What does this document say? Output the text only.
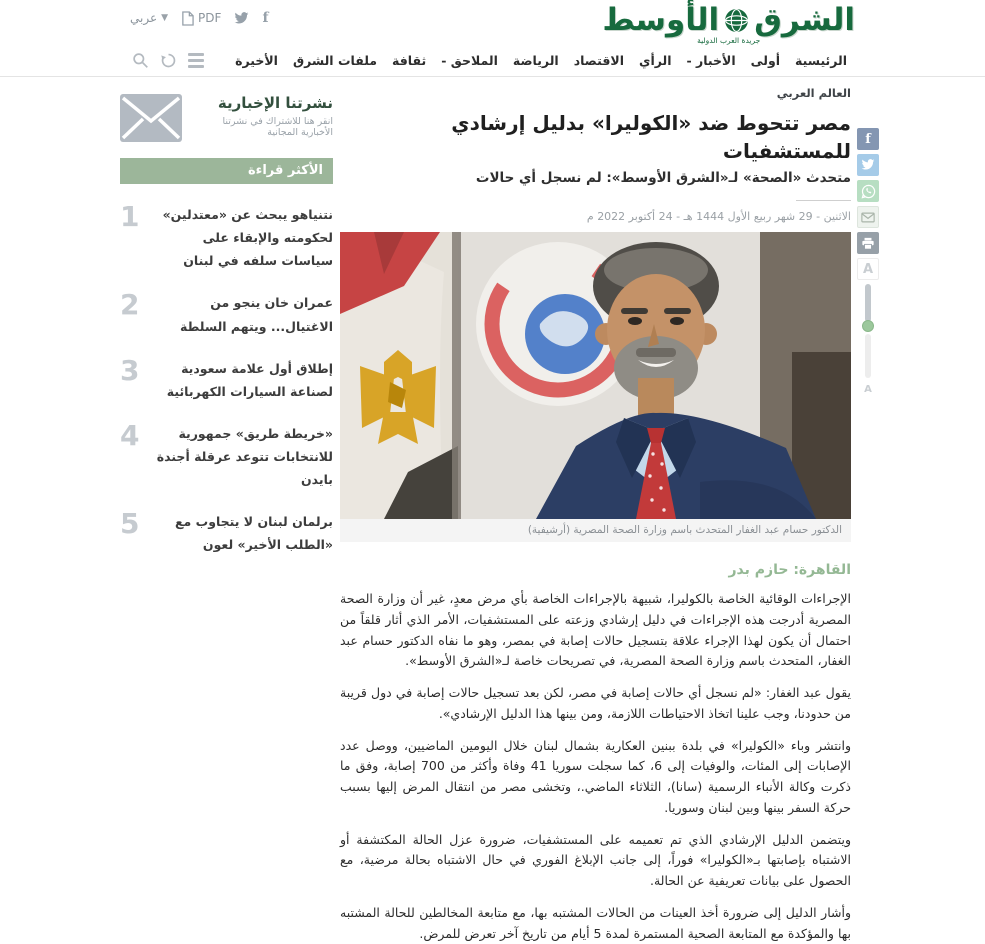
عربي ▼	PDF	f	الشرق
الأوسط
جريدة العرب الدولية
الرئيسية
أولى
الأخبار -
الرأي
الاقتصاد
الرياضة
الملاحق -
ثقافة
ملفات الشرق
الأخيرة
نشرتنا الإخبارية
انقر هنا للاشتراك في نشرتنا الأخبارية المجانية
الأكثر قراءة
نتنياهو يبحث عن «معتدلين» لحكومته والإبقاء على سياسات سلفه في لبنان
1
عمران خان ينجو من الاغتيال... ويتهم السلطة
2
إطلاق أول علامة سعودية لصناعة السيارات الكهربائية
3
«خريطة طريق» جمهورية للانتخابات تتوعد عرقلة أجندة بايدن
4
برلمان لبنان لا يتجاوب مع «الطلب الأخير» لعون
5
العالم العربي
مصر تتحوط ضد «الكوليرا» بدليل إرشادي للمستشفيات
متحدث «الصحة» لـ«الشرق الأوسط»: لم نسجل أي حالات
الاثنين - 29 شهر ربيع الأول 1444 هـ - 24 أكتوبر 2022 م
الدكتور حسام عبد الغفار المتحدث باسم وزارة الصحة المصرية (أرشيفية)
القاهرة: حازم بدر

الإجراءات الوقائية الخاصة بالكوليرا، شبيهة بالإجراءات الخاصة بأي مرض معدٍ، غير أن وزارة الصحة المصرية أدرجت هذه الإجراءات في دليل إرشادي وزعته على المستشفيات، الأمر الذي أثار قلقاً من احتمال أن يكون لهذا الإجراء علاقة بتسجيل حالات إصابة في بمصر، وهو ما نفاه الدكتور حسام عبد الغفار، المتحدث باسم وزارة الصحة المصرية، في تصريحات خاصة لـ«الشرق الأوسط».

يقول عبد الغفار: «لم نسجل أي حالات إصابة في مصر، لكن بعد تسجيل حالات إصابة في دول قريبة من حدودنا، وجب علينا اتخاذ الاحتياطات اللازمة، ومن بينها هذا الدليل الإرشادي».

وانتشر وباء «الكوليرا» في بلدة ببنين العكارية بشمال لبنان خلال اليومين الماضيين، ووصل عدد الإصابات إلى المئات، والوفيات إلى 6، كما سجلت سوريا 41 وفاة وأكثر من 700 إصابة، وفق ما ذكرت وكالة الأنباء الرسمية (سانا)، الثلاثاء الماضي.، وتخشى مصر من انتقال المرض إليها بسبب حركة السفر بينها وبين لبنان وسوريا.

ويتضمن الدليل الإرشادي الذي تم تعميمه على المستشفيات، ضرورة عزل الحالة المكتشفة أو الاشتباه بإصابتها بـ«الكوليرا» فوراً، إلى جانب الإبلاغ الفوري في حال الاشتباه بحالة مرضية، مع الحصول على بيانات تعريفية عن الحالة.

وأشار الدليل إلى ضرورة أخذ العينات من الحالات المشتبه بها، مع متابعة المخالطين للحالة المشتبه بها والمؤكدة مع المتابعة الصحية المستمرة لمدة 5 أيام من تاريخ آخر تعرض للمرض.

f
A
A
